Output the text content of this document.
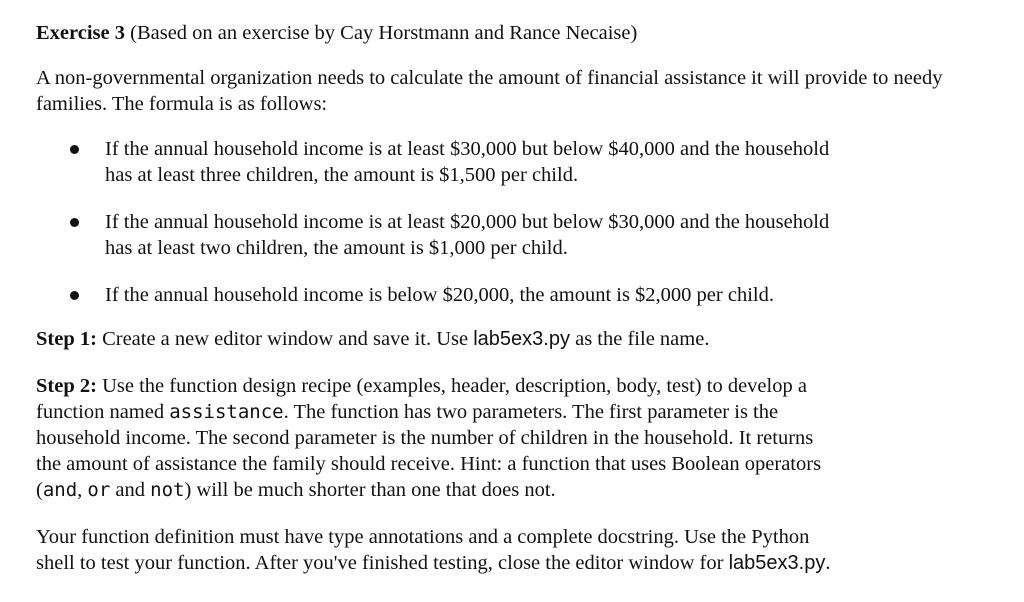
Exercise 3 (Based on an exercise by Cay Horstmann and Rance Necaise)

A non-governmental organization needs to calculate the amount of financial assistance it will provide to needy families. The formula is as follows:

If the annual household income is at least $30,000 but below $40,000 and the household
has at least three children, the amount is $1,500 per child.
If the annual household income is at least $20,000 but below $30,000 and the household
has at least two children, the amount is $1,000 per child.
If the annual household income is below $20,000, the amount is $2,000 per child.

Step 1: Create a new editor window and save it. Use lab5ex3.py as the file name.

Step 2: Use the function design recipe (examples, header, description, body, test) to develop a
function named assistance. The function has two parameters. The first parameter is the
household income. The second parameter is the number of children in the household. It returns
the amount of assistance the family should receive. Hint: a function that uses Boolean operators
(and, or and not) will be much shorter than one that does not.

Your function definition must have type annotations and a complete docstring. Use the Python
shell to test your function. After you've finished testing, close the editor window for lab5ex3.py.
